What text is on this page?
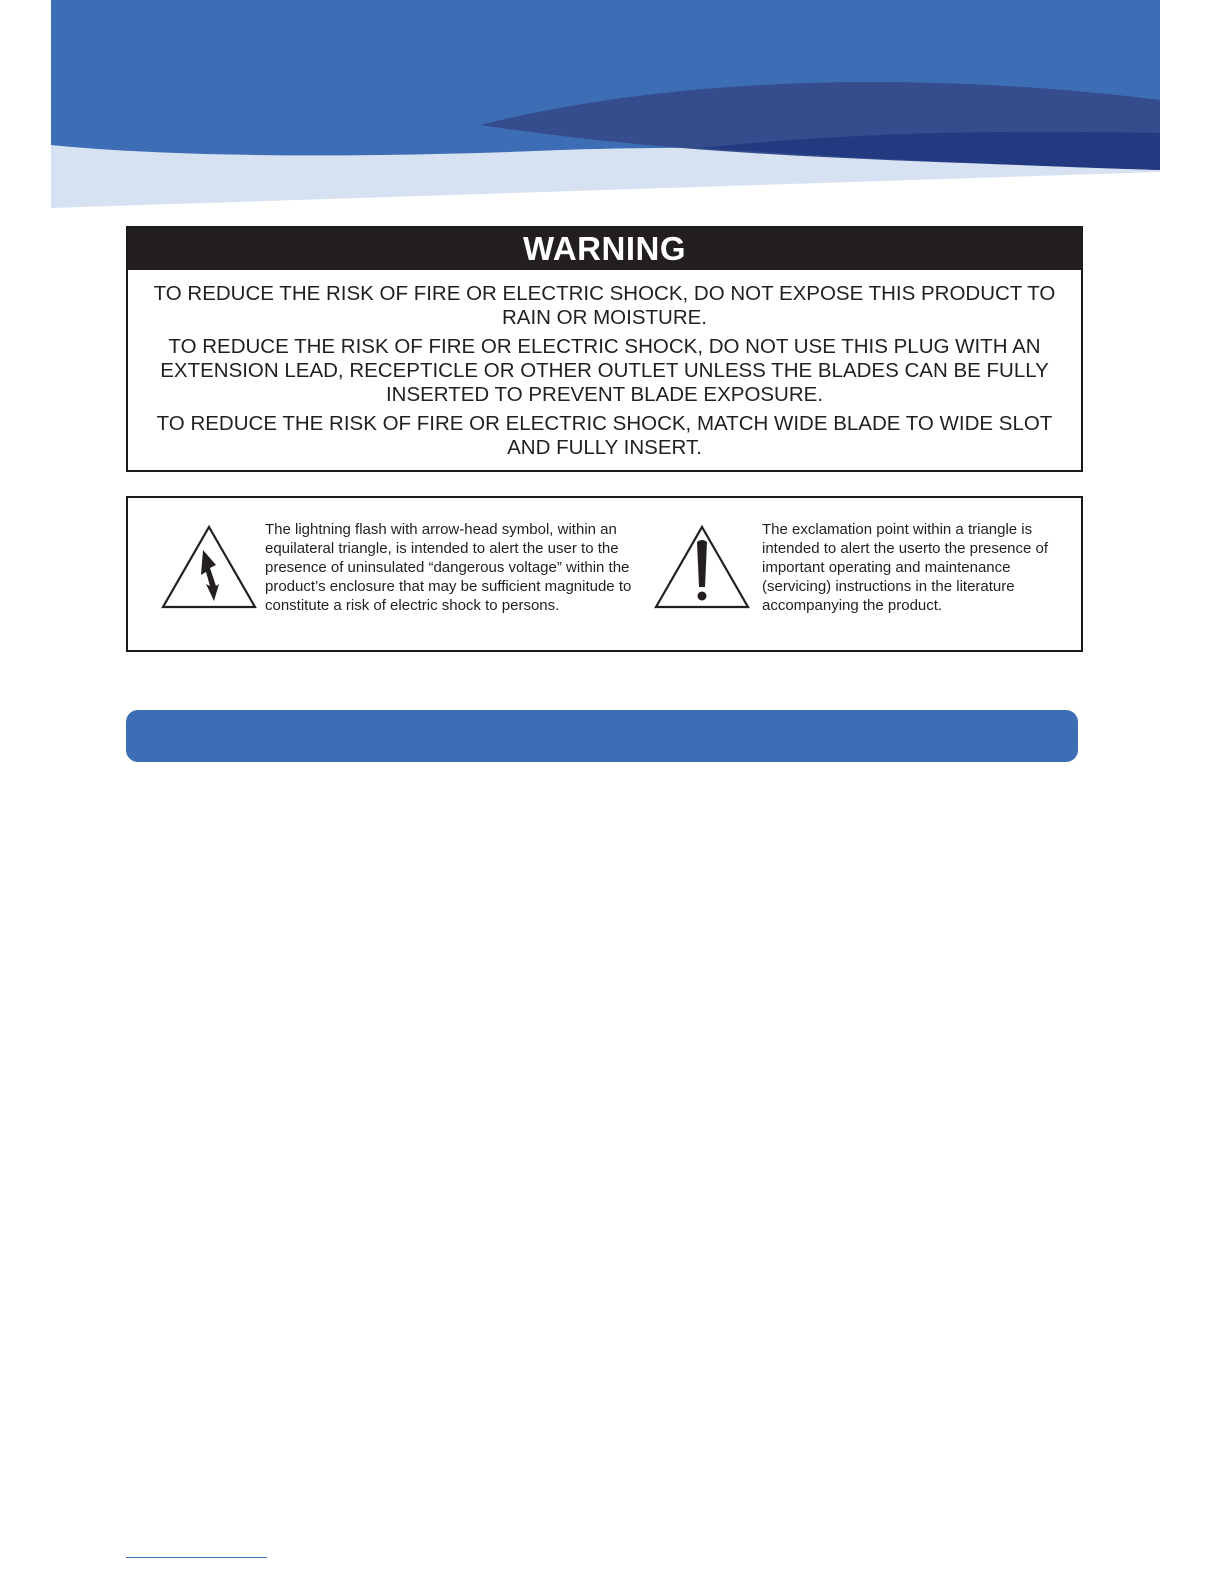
WARNING

TO REDUCE THE RISK OF FIRE OR ELECTRIC SHOCK, DO NOT EXPOSE THIS PRODUCT TO RAIN OR MOISTURE.

TO REDUCE THE RISK OF FIRE OR ELECTRIC SHOCK, DO NOT USE THIS PLUG WITH AN EXTENSION LEAD, RECEPTICLE OR OTHER OUTLET UNLESS THE BLADES CAN BE FULLY INSERTED TO PREVENT BLADE EXPOSURE.

TO REDUCE THE RISK OF FIRE OR ELECTRIC SHOCK, MATCH WIDE BLADE TO WIDE SLOT AND FULLY INSERT.

The lightning flash with arrow-head symbol, within an equilateral triangle, is intended to alert the user to the presence of uninsulated “dangerous voltage” within the product’s enclosure that may be sufficient magnitude to constitute a risk of electric shock to persons.

The exclamation point within a triangle is intended to alert the userto the presence of important operating and maintenance (servicing) instructions in the literature accompanying the product.
